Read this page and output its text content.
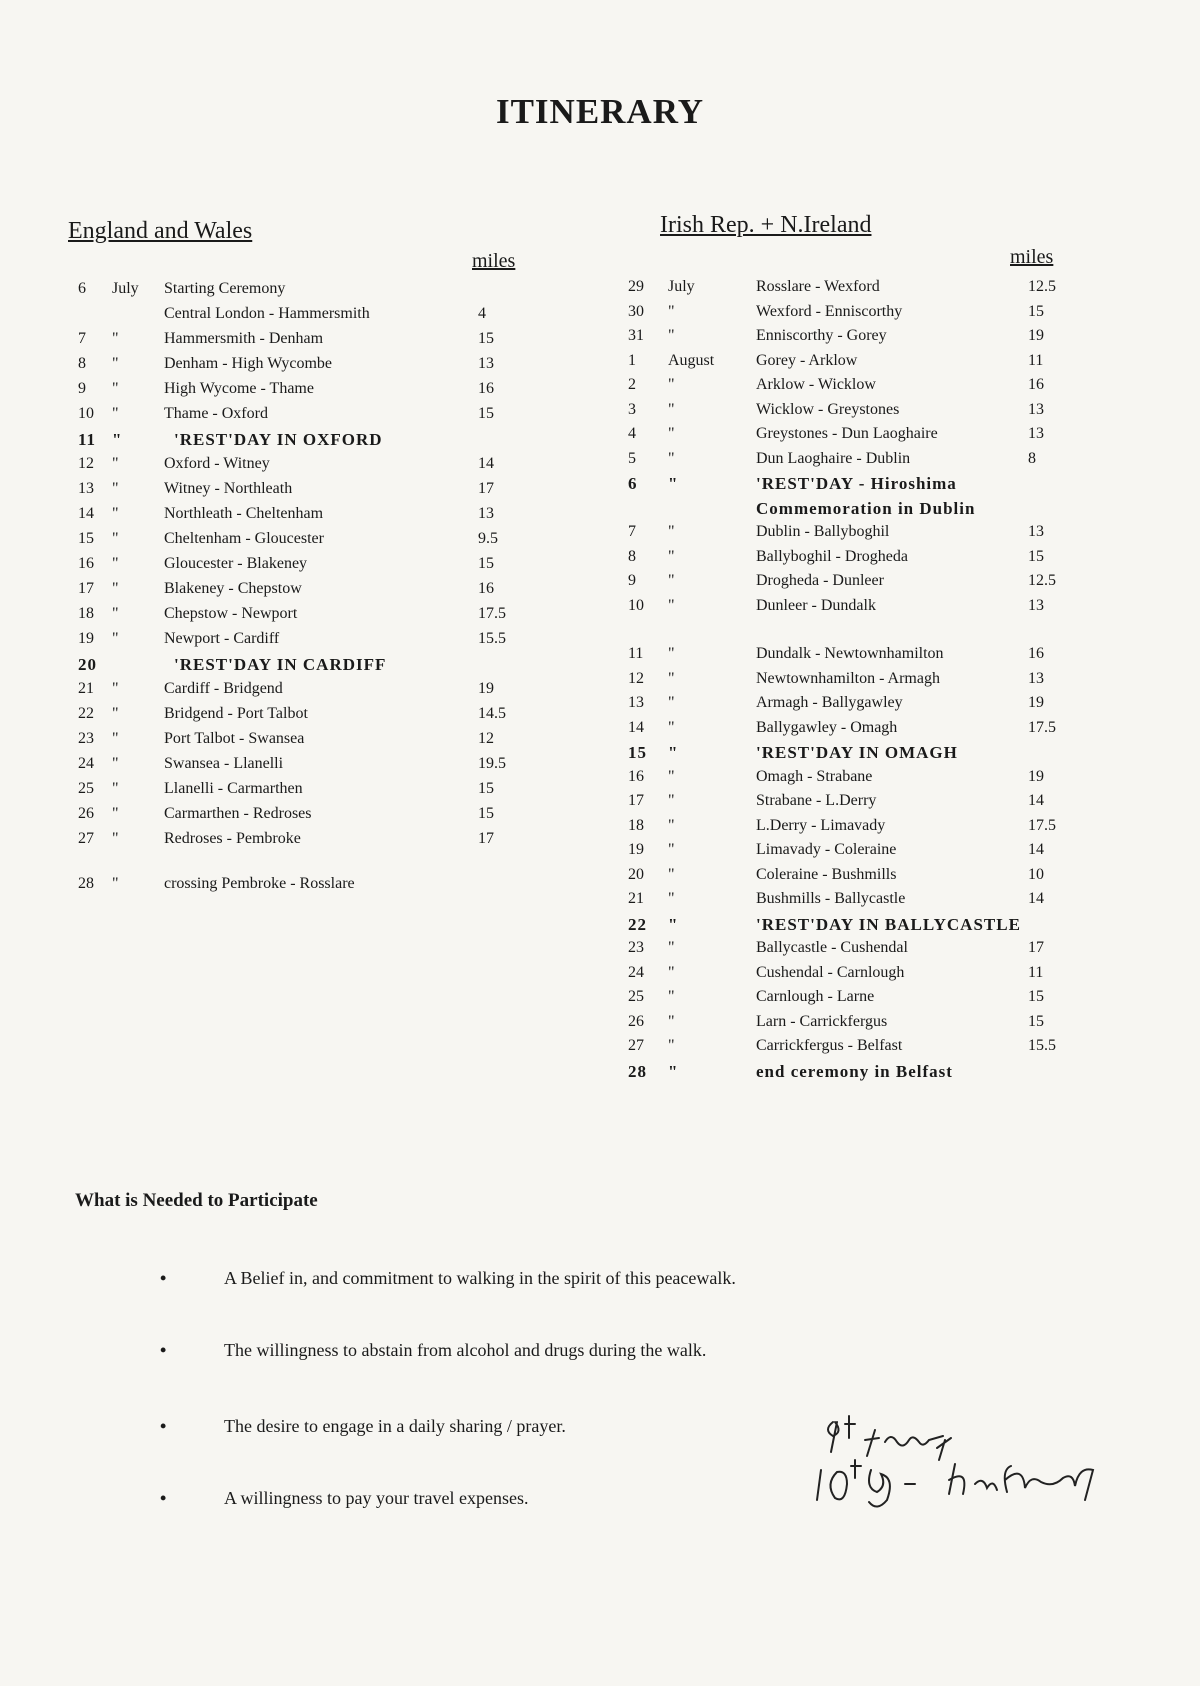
ITINERARY
England and Wales
miles
Irish Rep. + N.Ireland
miles
6 July Starting Ceremony
Central London - Hammersmith	4
7 "	Hammersmith - Denham	15
8 "	Denham - High Wycombe	13
9 "	High Wycome - Thame	16
10 "	Thame - Oxford	15
11 "	'REST'DAY IN OXFORD
12 "	Oxford - Witney	14
13 "	Witney - Northleath	17
14 "	Northleath - Cheltenham	13
15 "	Cheltenham - Gloucester	9.5
16 "	Gloucester - Blakeney	15
17 "	Blakeney - Chepstow	16
18 "	Chepstow - Newport	17.5
19 "	Newport - Cardiff	15.5
20	'REST'DAY IN CARDIFF
21 "	Cardiff - Bridgend	19
22 "	Bridgend - Port Talbot	14.5
23 "	Port Talbot - Swansea	12
24 "	Swansea - Llanelli	19.5
25 "	Llanelli - Carmarthen	15
26 "	Carmarthen - Redroses	15
27 "	Redroses - Pembroke	17
28 "	crossing Pembroke - Rosslare
29 July	Rosslare - Wexford	12.5
30 "	Wexford - Enniscorthy	15
31 "	Enniscorthy - Gorey	19
1 August	Gorey - Arklow	11
2 "	Arklow - Wicklow	16
3 "	Wicklow - Greystones	13
4 "	Greystones - Dun Laoghaire	13
5 "	Dun Laoghaire - Dublin	8
6 "	'REST'DAY - Hiroshima
Commemoration in Dublin
7 "	Dublin - Ballyboghil	13
8 "	Ballyboghil - Drogheda	15
9 "	Drogheda - Dunleer	12.5
10 "	Dunleer - Dundalk	13
11 "	Dundalk - Newtownhamilton	16
12 "	Newtownhamilton - Armagh	13
13 "	Armagh - Ballygawley	19
14 "	Ballygawley - Omagh	17.5
15 "	'REST'DAY IN OMAGH
16 "	Omagh - Strabane	19
17 "	Strabane - L.Derry	14
18 "	L.Derry - Limavady	17.5
19 "	Limavady - Coleraine	14
20 "	Coleraine - Bushmills	10
21 "	Bushmills - Ballycastle	14
22 "	'REST'DAY IN BALLYCASTLE
23 "	Ballycastle - Cushendal	17
24 "	Cushendal - Carnlough	11
25 "	Carnlough - Larne	15
26 "	Larn - Carrickfergus	15
27 "	Carrickfergus - Belfast	15.5
28 "	end ceremony in Belfast
What is Needed to Participate
•	A Belief in, and commitment to walking in the spirit of this peacewalk.
•	The willingness to abstain from alcohol and drugs during the walk.
•	The desire to engage in a daily sharing / prayer.
•	A willingness to pay your travel expenses.
